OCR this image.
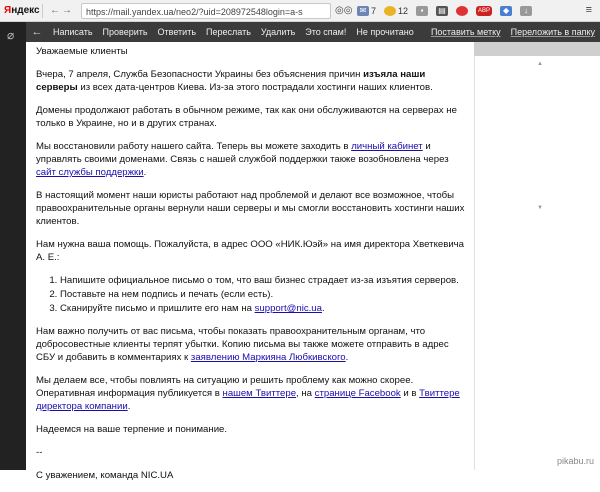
Яндекс ← →	https://mail.yandex.ua/neo2/?uid=208972548login=a-s	◎◎ ✉ 7 12	▪	▤	ABP	◆	↓	≡
⌀	←	Написать	Проверить	Ответить	Переслать	Удалить	Это спам!	Не прочитано	Поставить метку	Переложить в папку
▲
▼

Уважаемые клиенты

Вчера, 7 апреля, Служба Безопасности Украины без объяснения причин изъяла наши серверы из всех дата-центров Киева. Из-за этого пострадали хостинги наших клиентов.

Домены продолжают работать в обычном режиме, так как они обслуживаются на серверах не только в Украине, но и в других странах.

Мы восстановили работу нашего сайта. Теперь вы можете заходить в личный кабинет и управлять своими доменами. Связь с нашей службой поддержки также возобновлена через сайт службы поддержки.

В настоящий момент наши юристы работают над проблемой и делают все возможное, чтобы правоохранительные органы вернули наши серверы и мы смогли восстановить хостинги наших клиентов.

Нам нужна ваша помощь. Пожалуйста, в адрес ООО «НИК.Юэй» на имя директора Хветкевича А. Е.:

1. Напишите официальное письмо о том, что ваш бизнес страдает из-за изъятия серверов.
2. Поставьте на нем подпись и печать (если есть).
3. Сканируйте письмо и пришлите его нам на support@nic.ua.

Нам важно получить от вас письма, чтобы показать правоохранительным органам, что добросовестные клиенты терпят убытки. Копию письма вы также можете отправить в адрес СБУ и добавить в комментариях к заявлению Маркияна Любкивского.

Мы делаем все, чтобы повлиять на ситуацию и решить проблему как можно скорее. Оперативная информация публикуется в нашем Твиттере, на странице Facebook и в Твиттере директора компании.

Надеемся на ваше терпение и понимание.

--

С уважением, команда NIC.UA

pikabu.ru
